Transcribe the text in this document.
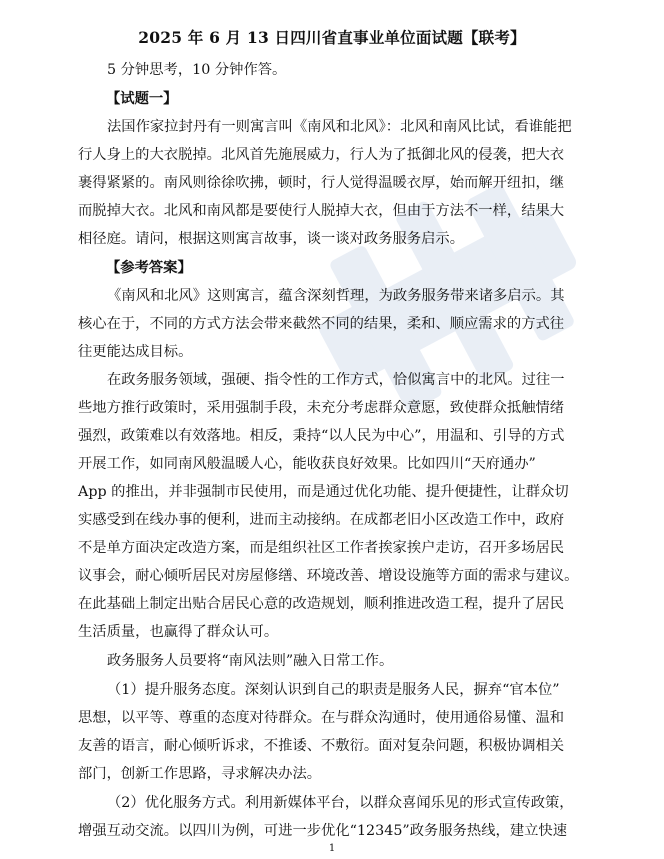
2025 年 6 月 13 日四川省直事业单位面试题【联考】
5 分钟思考，10 分钟作答。
【试题一】
法国作家拉封丹有一则寓言叫《南风和北风》：北风和南风比试，看谁能把
行人身上的大衣脱掉。北风首先施展威力，行人为了抵御北风的侵袭，把大衣
裹得紧紧的。南风则徐徐吹拂，顿时，行人觉得温暖衣厚，始而解开纽扣，继
而脱掉大衣。北风和南风都是要使行人脱掉大衣，但由于方法不一样，结果大
相径庭。请问，根据这则寓言故事，谈一谈对政务服务启示。
【参考答案】
《南风和北风》这则寓言，蕴含深刻哲理，为政务服务带来诸多启示。其
核心在于，不同的方式方法会带来截然不同的结果，柔和、顺应需求的方式往
往更能达成目标。
在政务服务领域，强硬、指令性的工作方式，恰似寓言中的北风。过往一
些地方推行政策时，采用强制手段，未充分考虑群众意愿，致使群众抵触情绪
强烈，政策难以有效落地。相反，秉持“以人民为中心”，用温和、引导的方式
开展工作，如同南风般温暖人心，能收获良好效果。比如四川“天府通办”
App 的推出，并非强制市民使用，而是通过优化功能、提升便捷性，让群众切
实感受到在线办事的便利，进而主动接纳。在成都老旧小区改造工作中，政府
不是单方面决定改造方案，而是组织社区工作者挨家挨户走访，召开多场居民
议事会，耐心倾听居民对房屋修缮、环境改善、增设设施等方面的需求与建议。
在此基础上制定出贴合居民心意的改造规划，顺利推进改造工程，提升了居民
生活质量，也赢得了群众认可。
政务服务人员要将“南风法则”融入日常工作。
（1）提升服务态度。深刻认识到自己的职责是服务人民，摒弃“官本位”
思想，以平等、尊重的态度对待群众。在与群众沟通时，使用通俗易懂、温和
友善的语言，耐心倾听诉求，不推诿、不敷衍。面对复杂问题，积极协调相关
部门，创新工作思路，寻求解决办法。
（2）优化服务方式。利用新媒体平台，以群众喜闻乐见的形式宣传政策，
增强互动交流。以四川为例，可进一步优化“12345”政务服务热线，建立快速
1
